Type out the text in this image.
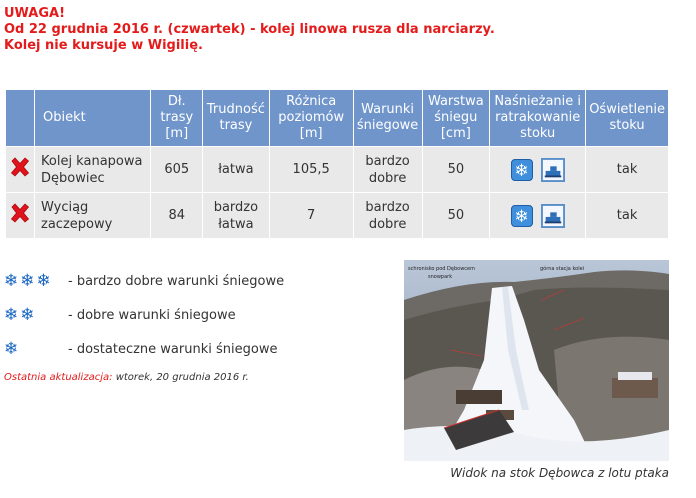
UWAGA!
Od 22 grudnia 2016 r. (czwartek) - kolej linowa rusza dla narciarzy.
Kolej nie kursuje w Wigilię.
	Obiekt	Dł. trasy [m]	Trudność trasy	Różnica poziomów [m]	Warunki śniegowe	Warstwa śniegu [cm]	Naśnieżanie i ratrakowanie stoku	Oświetlenie stoku
	Kolej kanapowa Dębowiec	605	łatwa	105,5	bardzo dobre	50	❄	tak
	Wyciąg zaczepowy	84	bardzo łatwa	7	bardzo dobre	50	❄	tak
❄ ❄ ❄ - bardzo dobre warunki śniegowe
❄ ❄	- dobre warunki śniegowe
❄	- dostateczne warunki śniegowe
Ostatnia aktualizacja: wtorek, 20 grudnia 2016 r.
schronisko pod Dębowcem
snowpark
górna stacja kolei
Widok na stok Dębowca z lotu ptaka
